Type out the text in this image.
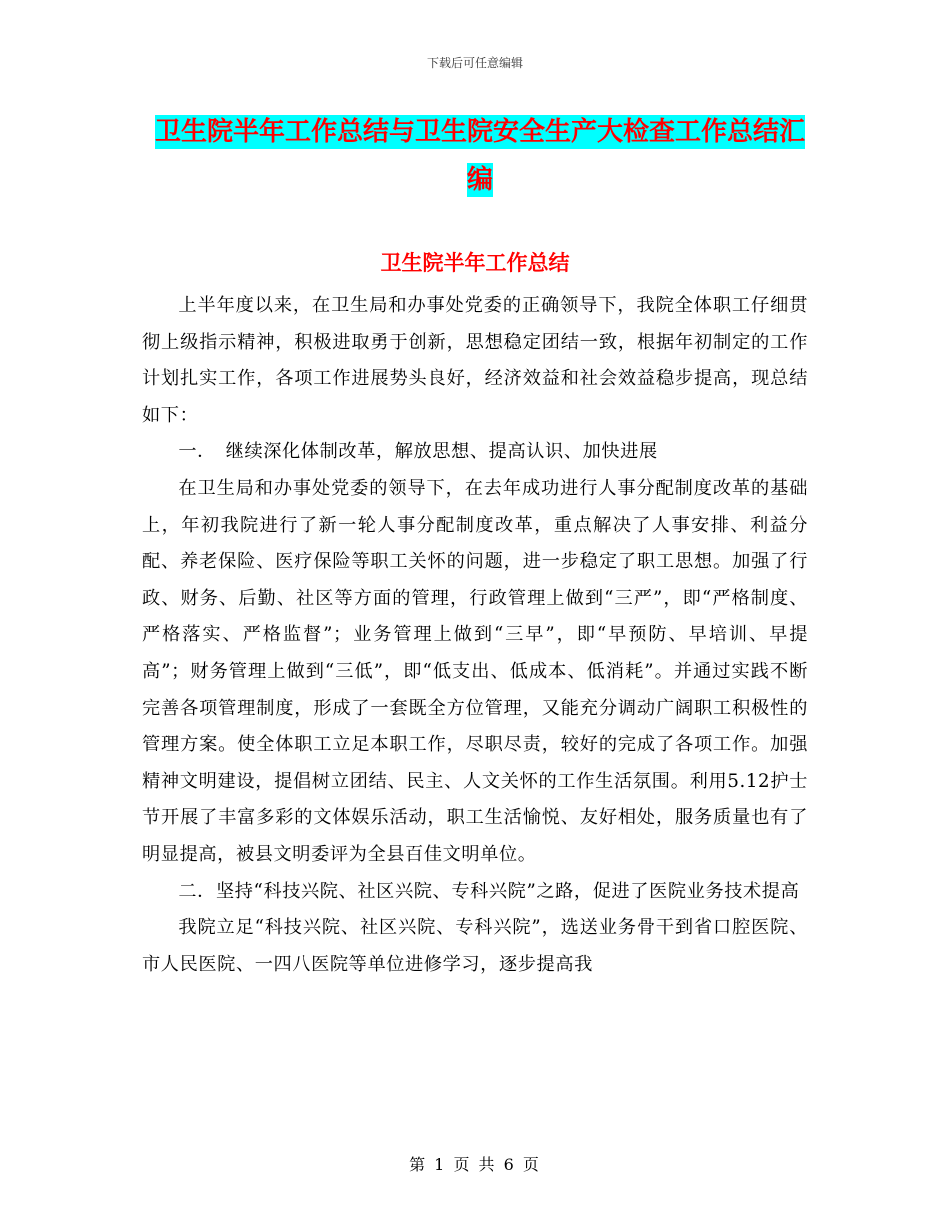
下载后可任意编辑
卫生院半年工作总结与卫生院安全生产大检查工作总结汇编
卫生院半年工作总结

上半年度以来，在卫生局和办事处党委的正确领导下，我院全体职工仔细贯彻上级指示精神，积极进取勇于创新，思想稳定团结一致，根据年初制定的工作计划扎实工作，各项工作进展势头良好，经济效益和社会效益稳步提高，现总结如下：

一．　继续深化体制改革，解放思想、提高认识、加快进展

在卫生局和办事处党委的领导下，在去年成功进行人事分配制度改革的基础上，年初我院进行了新一轮人事分配制度改革，重点解决了人事安排、利益分配、养老保险、医疗保险等职工关怀的问题，进一步稳定了职工思想。加强了行政、财务、后勤、社区等方面的管理，行政管理上做到“三严”，即“严格制度、严格落实、严格监督”；业务管理上做到“三早”，即“早预防、早培训、早提高”；财务管理上做到“三低”，即“低支出、低成本、低消耗”。并通过实践不断完善各项管理制度，形成了一套既全方位管理，又能充分调动广阔职工积极性的管理方案。使全体职工立足本职工作，尽职尽责，较好的完成了各项工作。加强精神文明建设，提倡树立团结、民主、人文关怀的工作生活氛围。利用5.12护士节开展了丰富多彩的文体娱乐活动，职工生活愉悦、友好相处，服务质量也有了明显提高，被县文明委评为全县百佳文明单位。

二．坚持“科技兴院、社区兴院、专科兴院”之路，促进了医院业务技术提高

我院立足“科技兴院、社区兴院、专科兴院”，选送业务骨干到省口腔医院、市人民医院、一四八医院等单位进修学习，逐步提高我

第 1 页 共 6 页
